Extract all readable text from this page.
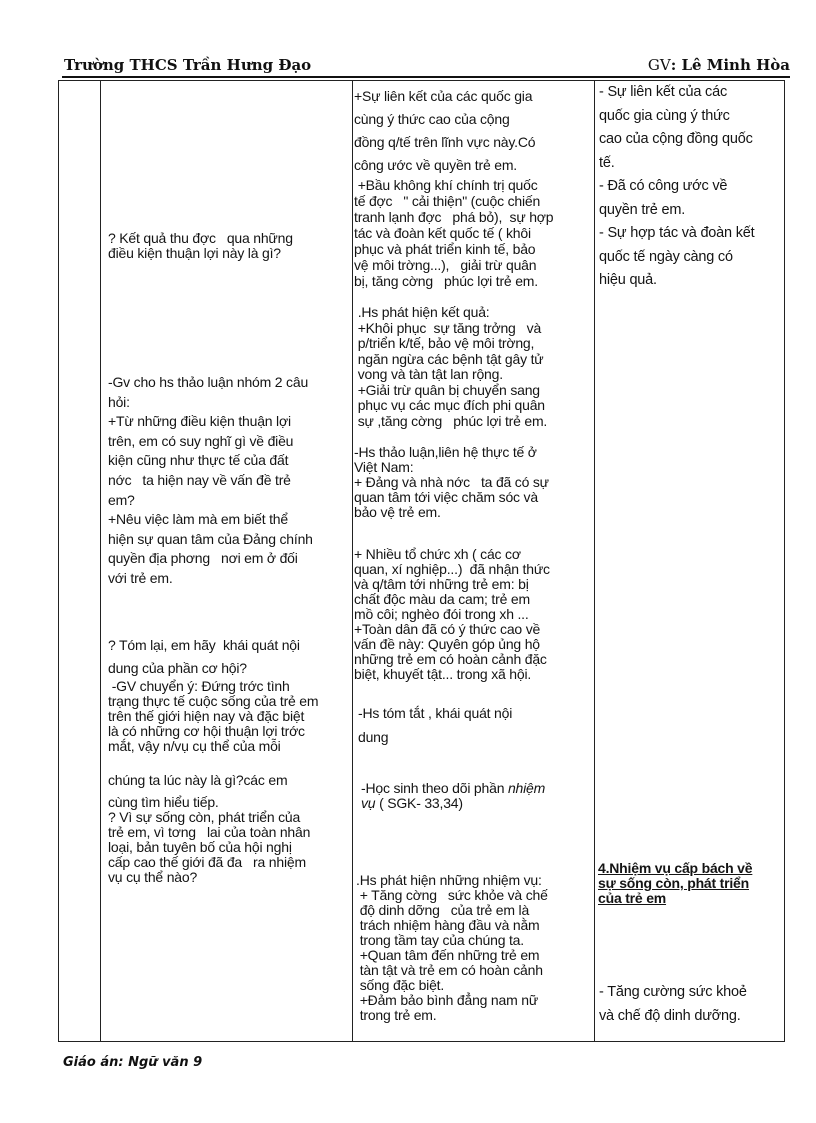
Trường THCS Trần Hưng Đạo	GV: Lê Minh Hòa
? Kết quả thu đợc   qua những
điều kiện thuận lợi này là gì?
-Gv cho hs thảo luận nhóm 2 câu
hỏi:
+Từ những điều kiện thuận lợi
trên, em có suy nghĩ gì về điều
kiện cũng như thực tế của đất
nớc   ta hiện nay về vấn đề trẻ
em?
+Nêu việc làm mà em biết thể
hiện sự quan tâm của Đảng chính
quyền địa phơng   nơi em ở đối
với trẻ em.
? Tóm lại, em hãy  khái quát nội
dung của phần cơ hội?
-GV chuyển ý: Đứng trớc tình
trạng thực tế cuộc sống của trẻ em
trên thế giới hiện nay và đặc biệt
là có những cơ hội thuận lợi trớc
mắt, vậy n/vụ cụ thể của mỗi
chúng ta lúc này là gì?các em
cùng tìm hiểu tiếp.
? Vì sự sống còn, phát triển của
trẻ em, vì tơng   lai của toàn nhân
loại, bản tuyên bố của hội nghị
cấp cao thế giới đã đa   ra nhiệm
vụ cụ thể nào?
+Sự liên kết của các quốc gia
cùng ý thức cao của cộng
đồng q/tế trên lĩnh vực này.Có
công ước về quyền trẻ em.
+Bầu không khí chính trị quốc
tế đợc   " cải thiện" (cuộc chiến
tranh lạnh đợc   phá bỏ),  sự hợp
tác và đoàn kết quốc tế ( khôi
phục và phát triển kinh tế, bảo
vệ môi trờng...),   giải trừ quân
bị, tăng cờng   phúc lợi trẻ em.
.Hs phát hiện kết quả:
+Khôi phục  sự tăng trởng   và
p/triển k/tế, bảo vệ môi trờng,
ngăn ngừa các bệnh tật gây tử
vong và tàn tật lan rộng.
+Giải trừ quân bị chuyển sang
phục vụ các mục đích phi quân
sự ,tăng cờng   phúc lợi trẻ em.
-Hs thảo luận,liên hệ thực tế ở
Việt Nam:
+ Đảng và nhà nớc   ta đã có sự
quan tâm tới việc chăm sóc và
bảo vệ trẻ em.
+ Nhiều tổ chức xh ( các cơ
quan, xí nghiệp...)  đã nhận thức
và q/tâm tới những trẻ em: bị
chất độc màu da cam; trẻ em
mồ côi; nghèo đói trong xh ...
+Toàn dân đã có ý thức cao về
vấn đề này: Quyên góp ủng hộ
những trẻ em có hoàn cảnh đặc
biệt, khuyết tật... trong xã hội.
-Hs tóm tắt , khái quát nội
dung
-Học sinh theo dõi phần nhiệm
vụ ( SGK- 33,34)
.Hs phát hiện những nhiệm vụ:
+ Tăng cờng   sức khỏe và chế
độ dinh dỡng   của trẻ em là
trách nhiệm hàng đầu và nằm
trong tầm tay của chúng ta.
+Quan tâm đến những trẻ em
tàn tật và trẻ em có hoàn cảnh
sống đặc biệt.
+Đảm bảo bình đẳng nam nữ
trong trẻ em.
- Sự liên kết của các
quốc gia cùng ý thức
cao của cộng đồng quốc
tế.
- Đã có công ước về
quyền trẻ em.
- Sự hợp tác và đoàn kết
quốc tế ngày càng có
hiệu quả.
4.Nhiệm vụ cấp bách về
sự sống còn, phát triển
của trẻ em
- Tăng cường sức khoẻ
và chế độ dinh dưỡng.
Giáo án: Ngữ văn 9
